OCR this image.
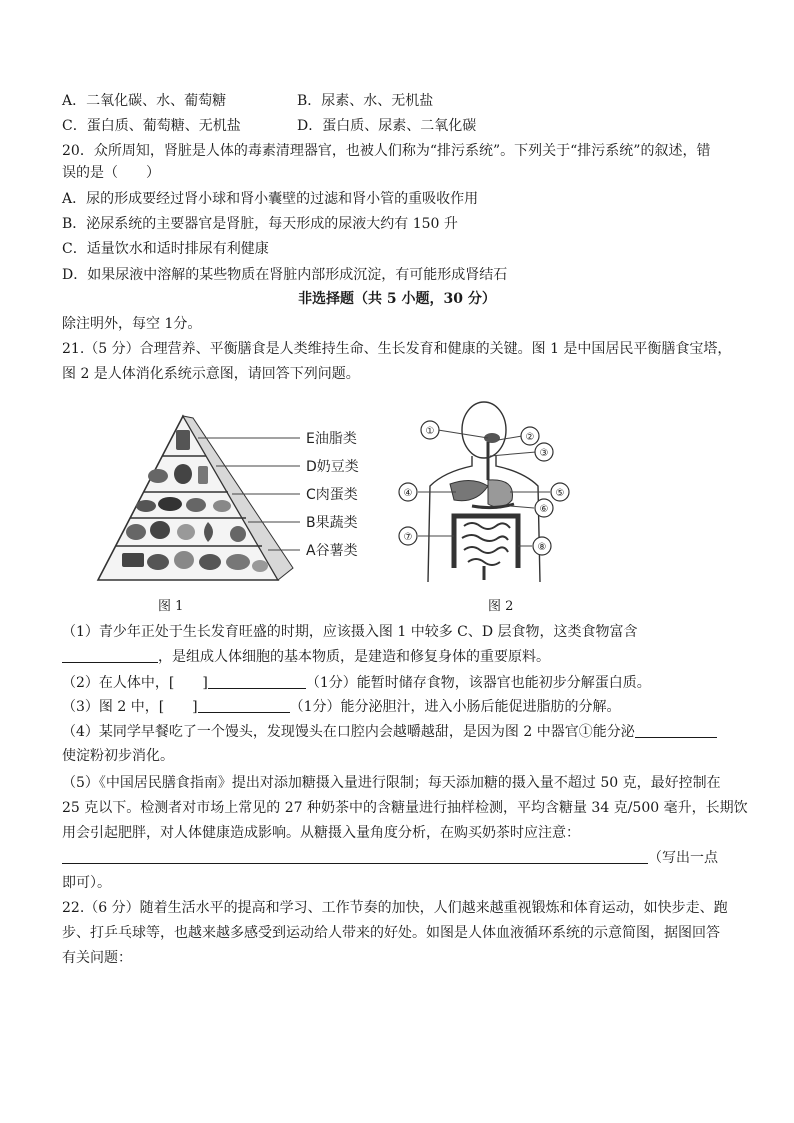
A．二氧化碳、水、葡萄糖	B．尿素、水、无机盐
C．蛋白质、葡萄糖、无机盐	D．蛋白质、尿素、二氧化碳
20．众所周知，肾脏是人体的毒素清理器官，也被人们称为“排污系统”。下列关于“排污系统”的叙述，错
误的是（　　）
A．尿的形成要经过肾小球和肾小囊壁的过滤和肾小管的重吸收作用
B．泌尿系统的主要器官是肾脏，每天形成的尿液大约有 150 升
C．适量饮水和适时排尿有利健康
D．如果尿液中溶解的某些物质在肾脏内部形成沉淀，有可能形成肾结石
非选择题（共 5 小题，30 分）
除注明外，每空 1分。
21.（5 分）合理营养、平衡膳食是人类维持生命、生长发育和健康的关键。图 1 是中国居民平衡膳食宝塔，
图 2 是人体消化系统示意图，请回答下列问题。
E油脂类
D奶豆类
C肉蛋类
B果蔬类
A谷薯类
①
②
③
④	⑤
⑥
⑦
⑧
图 1	图 2
（1）青少年正处于生长发育旺盛的时期，应该摄入图 1 中较多 C、D 层食物，这类食物富含
，是组成人体细胞的基本物质，是建造和修复身体的重要原料。
（2）在人体中，[　　]	（1分）能暂时储存食物，该器官也能初步分解蛋白质。
（3）图 2 中，[　　]	（1分）能分泌胆汁，进入小肠后能促进脂肪的分解。
（4）某同学早餐吃了一个馒头，发现馒头在口腔内会越嚼越甜，是因为图 2 中器官①能分泌
使淀粉初步消化。
（5）《中国居民膳食指南》提出对添加糖摄入量进行限制；每天添加糖的摄入量不超过 50 克，最好控制在
25 克以下。检测者对市场上常见的 27 种奶茶中的含糖量进行抽样检测，平均含糖量 34 克/500 毫升，长期饮
用会引起肥胖，对人体健康造成影响。从糖摄入量角度分析，在购买奶茶时应注意：
（写出一点
即可）。
22.（6 分）随着生活水平的提高和学习、工作节奏的加快，人们越来越重视锻炼和体育运动，如快步走、跑
步、打乒乓球等，也越来越多感受到运动给人带来的好处。如图是人体血液循环系统的示意简图，据图回答
有关问题：
